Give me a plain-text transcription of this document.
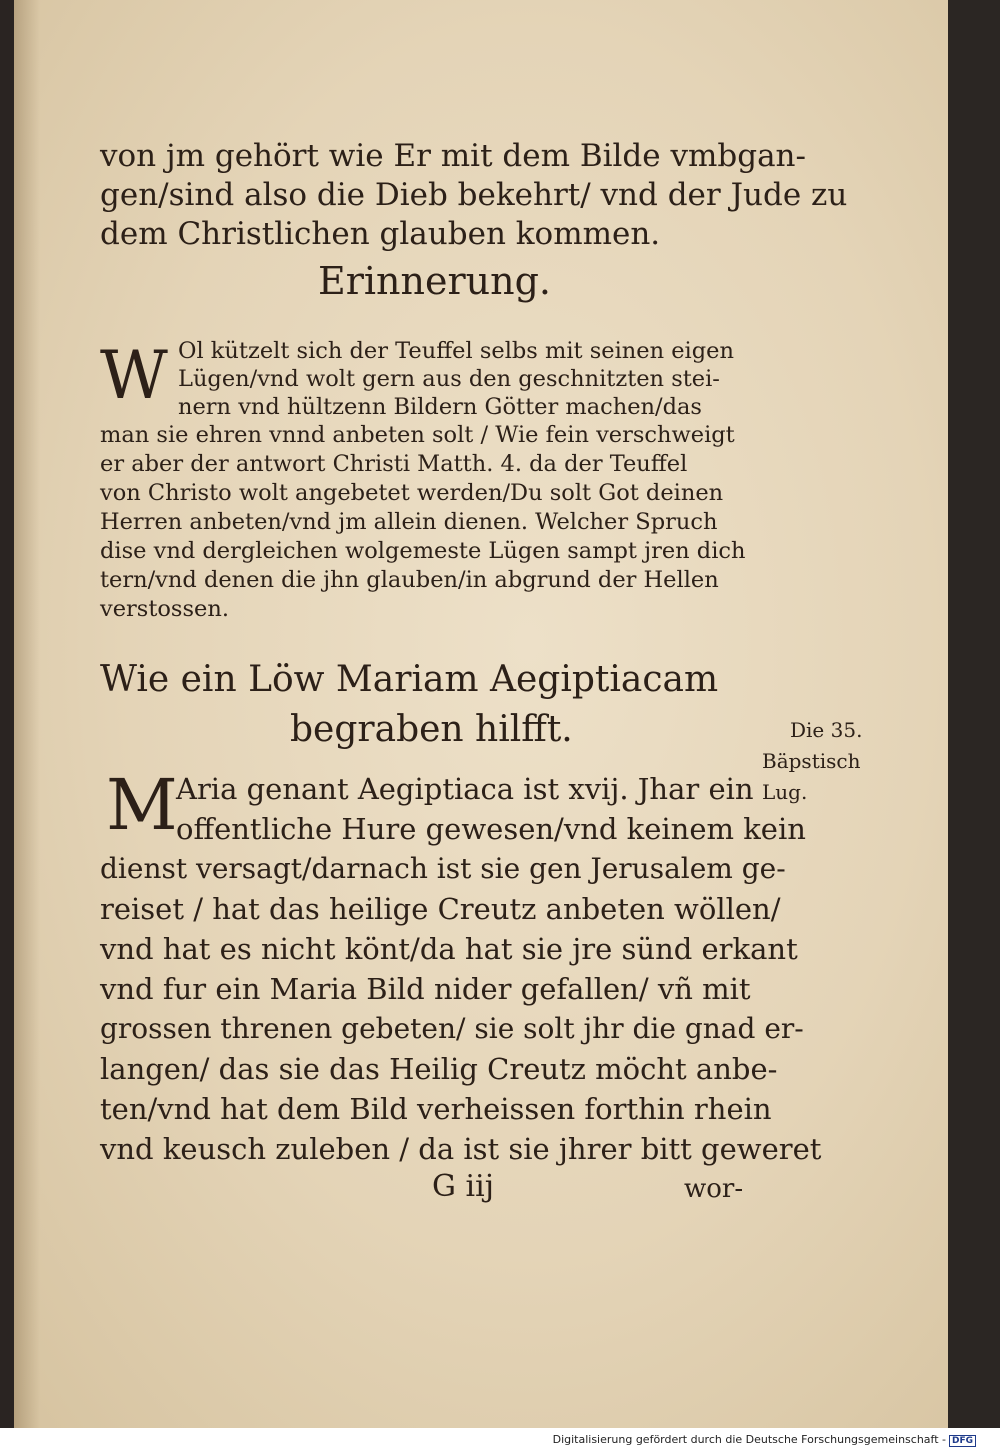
von jm gehört wie Er mit dem Bilde vmbgan-
gen/sind also die Dieb bekehrt/ vnd der Jude zu
dem Christlichen glauben kommen.
Erinnerung.
W Ol kützelt sich der Teuffel selbs mit seinen eigen
Lügen/vnd wolt gern aus den geschnitzten stei-
nern vnd hültzenn Bildern Götter machen/das
man sie ehren vnnd anbeten solt / Wie fein verschweigt
er aber der antwort Christi Matth. 4. da der Teuffel
von Christo wolt angebetet werden/Du solt Got deinen
Herren anbeten/vnd jm allein dienen. Welcher Spruch
dise vnd dergleichen wolgemeste Lügen sampt jren dich
tern/vnd denen die jhn glauben/in abgrund der Hellen
verstossen.
Wie ein Löw Mariam Aegiptiacam
begraben hilfft.	Die 35.
Bäpstisch
Lug.
M
Aria genant Aegiptiaca ist xvij. Jhar ein
offentliche Hure gewesen/vnd keinem kein
dienst versagt/darnach ist sie gen Jerusalem ge-
reiset / hat das heilige Creutz anbeten wöllen/
vnd hat es nicht könt/da hat sie jre sünd erkant
vnd fur ein Maria Bild nider gefallen/ vñ mit
grossen threnen gebeten/ sie solt jhr die gnad er-
langen/ das sie das Heilig Creutz möcht anbe-
ten/vnd hat dem Bild verheissen forthin rhein
vnd keusch zuleben / da ist sie jhrer bitt geweret
G iij	wor-
Digitalisierung gefördert durch die Deutsche Forschungsgemeinschaft - DFG
